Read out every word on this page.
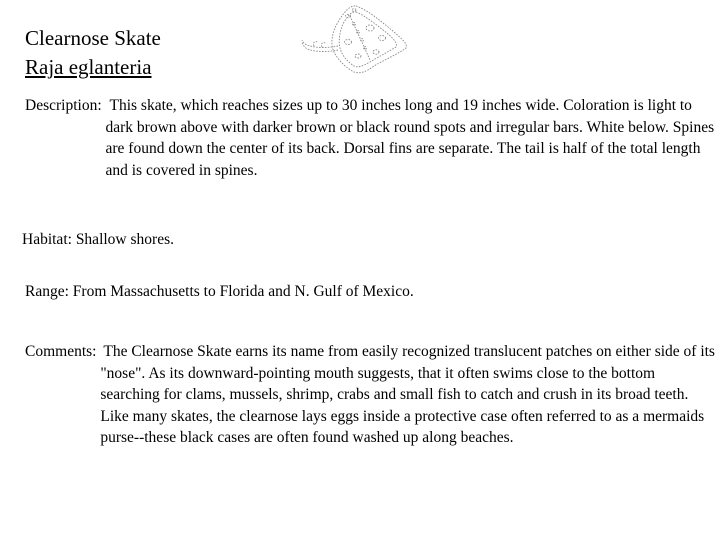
Clearnose Skate
Raja eglanteria
Description:
This skate, which reaches sizes up to 30 inches long and 19 inches wide. Coloration is light to dark brown above with darker brown or black round spots and irregular bars. White below. Spines are found down the center of its back. Dorsal fins are separate. The tail is half of the total length and is covered in spines.
Habitat:
Shallow shores.
Range:
From Massachusetts to Florida and N. Gulf of Mexico.
Comments:
The Clearnose Skate earns its name from easily recognized translucent patches on either side of its "nose". As its downward-pointing mouth suggests, that it often swims close to the bottom searching for clams, mussels, shrimp, crabs and small fish to catch and crush in its broad teeth. Like many skates, the clearnose lays eggs inside a protective case often referred to as a mermaids purse--these black cases are often found washed up along beaches.
